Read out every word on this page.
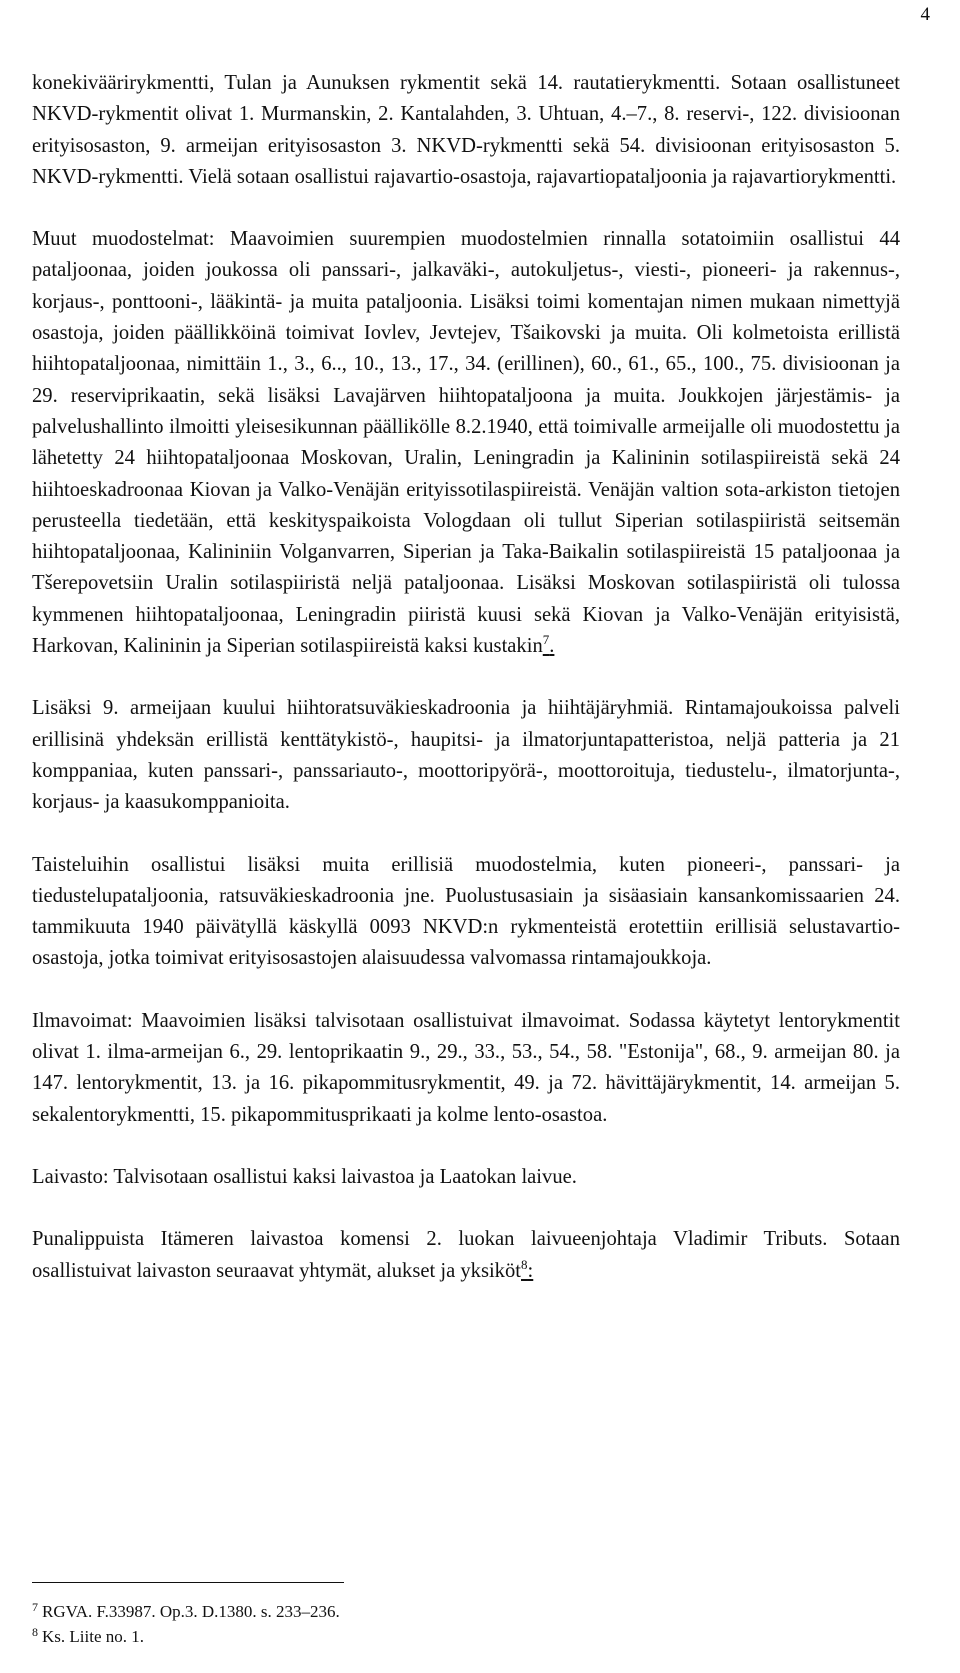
4

konekiväärirykmentti, Tulan ja Aunuksen rykmentit sekä 14. rautatierykmentti. Sotaan osallistuneet NKVD-rykmentit olivat 1. Murmanskin, 2. Kantalahden, 3. Uhtuan, 4.–7., 8. reservi-, 122. divisioonan erityisosaston, 9. armeijan erityisosaston 3. NKVD-rykmentti sekä 54. divisioonan erityisosaston 5. NKVD-rykmentti. Vielä sotaan osallistui rajavartio-osastoja, rajavartiopataljoonia ja rajavartiorykmentti.

Muut muodostelmat: Maavoimien suurempien muodostelmien rinnalla sotatoimiin osallistui 44 pataljoonaa, joiden joukossa oli panssari-, jalkaväki-, autokuljetus-, viesti-, pioneeri- ja rakennus-, korjaus-, ponttooni-, lääkintä- ja muita pataljoonia. Lisäksi toimi komentajan nimen mukaan nimettyjä osastoja, joiden päällikköinä toimivat Iovlev, Jevtejev, Tšaikovski ja muita. Oli kolmetoista erillistä hiihtopataljoonaa, nimittäin 1., 3., 6.., 10., 13., 17., 34. (erillinen), 60., 61., 65., 100., 75. divisioonan ja 29. reserviprikaatin, sekä lisäksi Lavajärven hiihtopataljoona ja muita. Joukkojen järjestämis- ja palvelushallinto ilmoitti yleisesikunnan päällikölle 8.2.1940, että toimivalle armeijalle oli muodostettu ja lähetetty 24 hiihtopataljoonaa Moskovan, Uralin, Leningradin ja Kalininin sotilaspiireistä sekä 24 hiihtoeskadroonaa Kiovan ja Valko-Venäjän erityissotilaspiireistä. Venäjän valtion sota-arkiston tietojen perusteella tiedetään, että keskityspaikoista Vologdaan oli tullut Siperian sotilaspiiristä seitsemän hiihtopataljoonaa, Kalininiin Volganvarren, Siperian ja Taka-Baikalin sotilaspiireistä 15 pataljoonaa ja Tšerepovetsiin Uralin sotilaspiiristä neljä pataljoonaa. Lisäksi Moskovan sotilaspiiristä oli tulossa kymmenen hiihtopataljoonaa, Leningradin piiristä kuusi sekä Kiovan ja Valko-Venäjän erityisistä, Harkovan, Kalininin ja Siperian sotilaspiireistä kaksi kustakin$^7$.

Lisäksi 9. armeijaan kuului hiihtoratsuväkieskadroonia ja hiihtäjäryhmiä. Rintamajoukoissa palveli erillisinä yhdeksän erillistä kenttätykistö-, haupitsi- ja ilmatorjuntapatteristoa, neljä patteria ja 21 komppaniaa, kuten panssari-, panssariauto-, moottoripyörä-, moottoroituja, tiedustelu-, ilmatorjunta-, korjaus- ja kaasukomppanioita.

Taisteluihin osallistui lisäksi muita erillisiä muodostelmia, kuten pioneeri-, panssari- ja tiedustelupataljoonia, ratsuväkieskadroonia jne. Puolustusasiain ja sisäasiain kansankomissaarien 24. tammikuuta 1940 päivätyllä käskyllä 0093 NKVD:n rykmenteistä erotettiin erillisiä selustavartio-osastoja, jotka toimivat erityisosastojen alaisuudessa valvomassa rintamajoukkoja.

Ilmavoimat: Maavoimien lisäksi talvisotaan osallistuivat ilmavoimat. Sodassa käytetyt lentorykmentit olivat 1. ilma-armeijan 6., 29. lentoprikaatin 9., 29., 33., 53., 54., 58. "Estonija", 68., 9. armeijan 80. ja 147. lentorykmentit, 13. ja 16. pikapommitusrykmentit, 49. ja 72. hävittäjärykmentit, 14. armeijan 5. sekalentorykmentti, 15. pikapommitusprikaati ja kolme lento-osastoa.

Laivasto: Talvisotaan osallistui kaksi laivastoa ja Laatokan laivue.

Punalippuista Itämeren laivastoa komensi 2. luokan laivueenjohtaja Vladimir Tributs. Sotaan osallistuivat laivaston seuraavat yhtymät, alukset ja yksiköt$^8$:

$^7$ RGVA. F.33987. Op.3. D.1380. s. 233–236.
$^8$ Ks. Liite no. 1.
